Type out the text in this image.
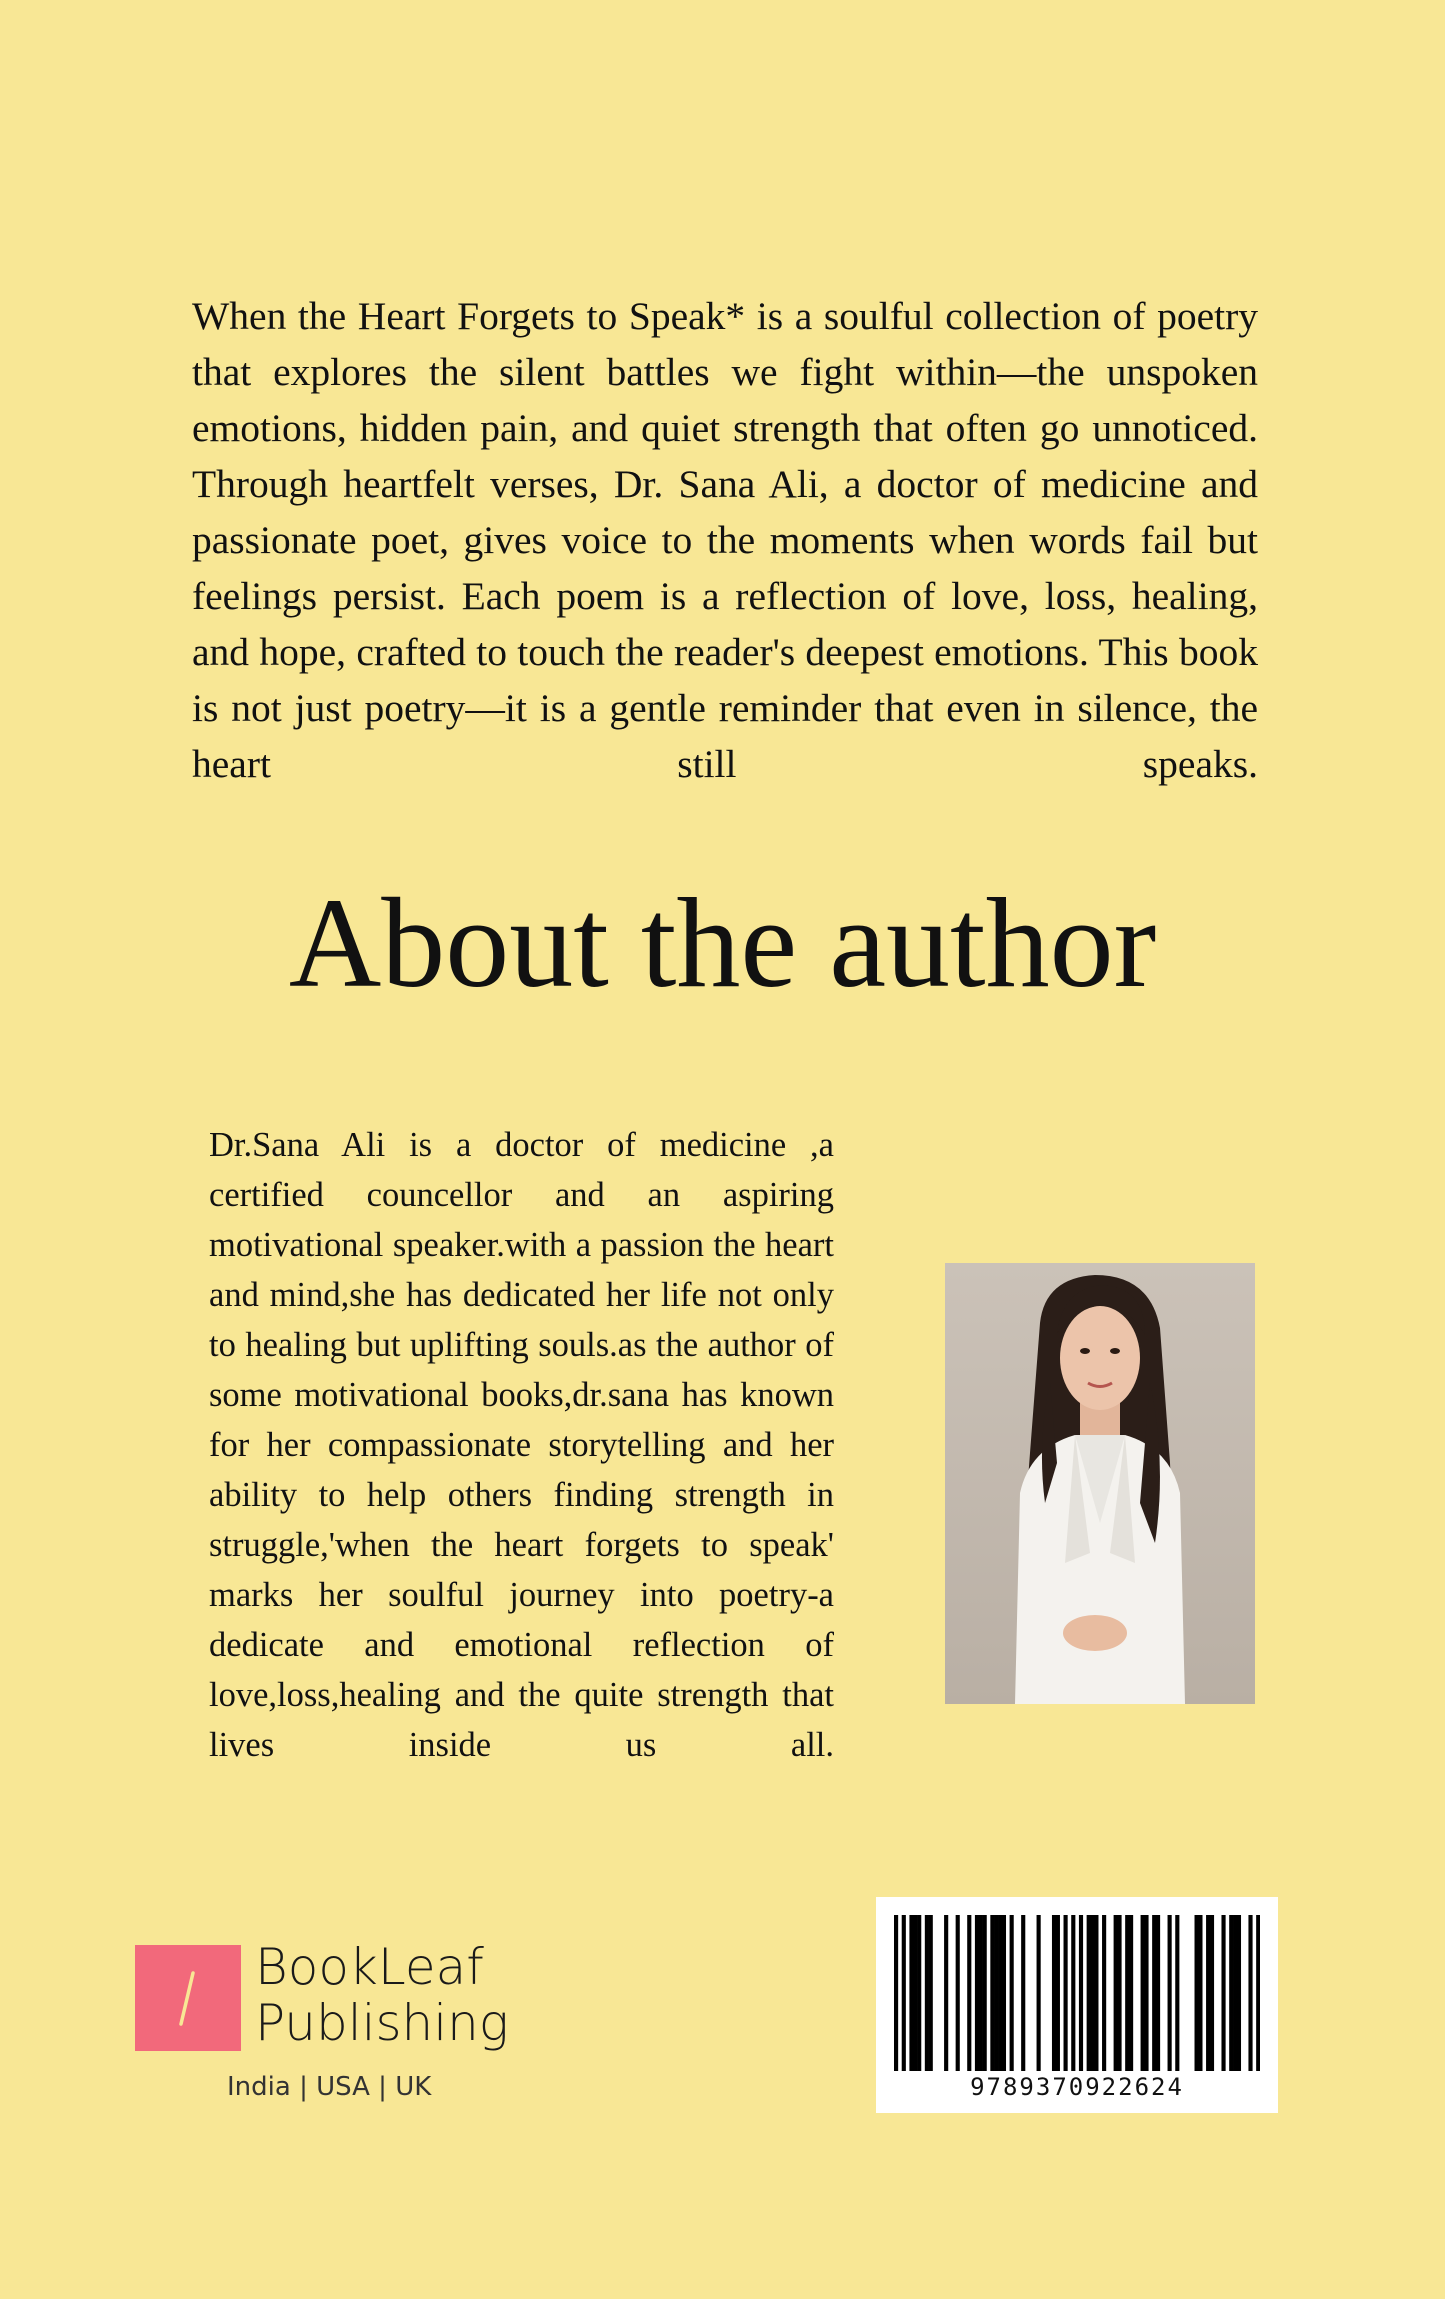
When the Heart Forgets to Speak* is a soulful collection of poetry that explores the silent battles we fight within—the unspoken emotions, hidden pain, and quiet strength that often go unnoticed. Through heartfelt verses, Dr. Sana Ali, a doctor of medicine and passionate poet, gives voice to the moments when words fail but feelings persist. Each poem is a reflection of love, loss, healing, and hope, crafted to touch the reader's deepest emotions. This book is not just poetry—it is a gentle reminder that even in silence, the heart still speaks.

About the author

Dr.Sana Ali is a doctor of medicine ,a certified councellor and an aspiring motivational speaker.with a passion the heart and mind,she has dedicated her life not only to healing but uplifting souls.as the author of some motivational books,dr.sana has known for her compassionate storytelling and her ability to help others finding strength in struggle,'when the heart forgets to speak' marks her soulful journey into poetry-a dedicate and emotional reflection of love,loss,healing and the quite strength that lives inside us all.

BookLeaf
Publishing
India | USA | UK	9789370922624
